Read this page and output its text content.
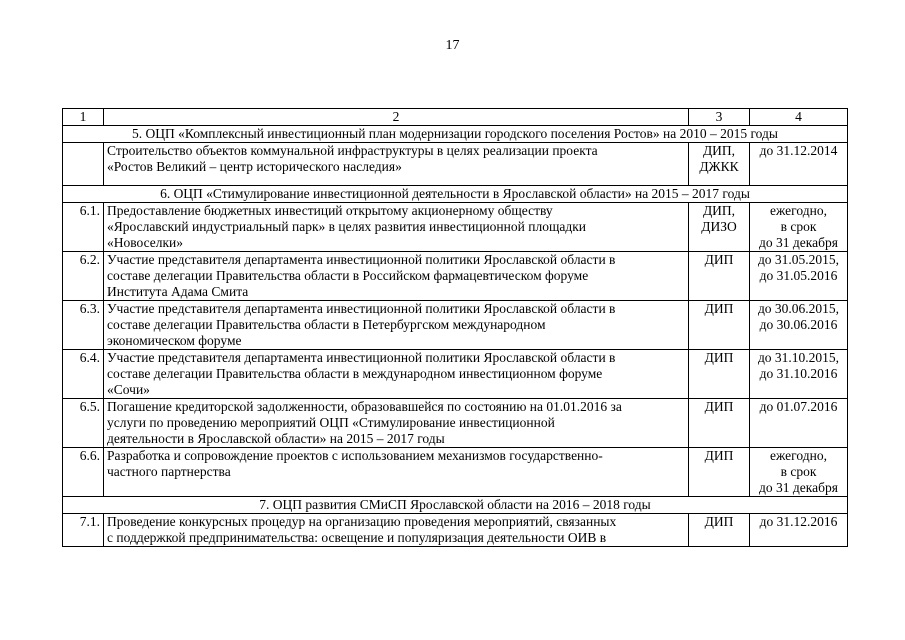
17
1	2	3	4
5. ОЦП «Комплексный инвестиционный план модернизации городского поселения Ростов» на 2010 – 2015 годы			

	Строительство объектов коммунальной инфраструктуры в целях реализации проекта
«Ростов Великий – центр исторического наследия»	ДИП,
ДЖКК	до 31.12.2014

6. ОЦП «Стимулирование инвестиционной деятельности в Ярославской области» на 2015 – 2017 годы			
6.1.	Предоставление бюджетных инвестиций открытому акционерному обществу
«Ярославский индустриальный парк» в целях развития инвестиционной площадки
«Новоселки»	ДИП,
ДИЗО	ежегодно,
в срок
до 31 декабря

6.2.	Участие представителя департамента инвестиционной политики Ярославской области в
составе делегации Правительства области в Российском фармацевтическом форуме
Института Адама Смита	ДИП	до 31.05.2015,
до 31.05.2016

6.3.	Участие представителя департамента инвестиционной политики Ярославской области в
составе делегации Правительства области в Петербургском международном
экономическом форуме	ДИП	до 30.06.2015,
до 30.06.2016

6.4.	Участие представителя департамента инвестиционной политики Ярославской области в
составе делегации Правительства области в международном инвестиционном форуме
«Сочи»	ДИП	до 31.10.2015,
до 31.10.2016

6.5.	Погашение кредиторской задолженности, образовавшейся по состоянию на 01.01.2016 за
услуги по проведению мероприятий ОЦП «Стимулирование инвестиционной
деятельности в Ярославской области» на 2015 – 2017 годы	ДИП	до 01.07.2016

6.6.	Разработка и сопровождение проектов с использованием механизмов государственно-
частного партнерства	ДИП	ежегодно,
в срок
до 31 декабря

7. ОЦП развития СМиСП Ярославской области на 2016 – 2018 годы			
7.1.	Проведение конкурсных процедур на организацию проведения мероприятий, связанных
с поддержкой предпринимательства: освещение и популяризация деятельности ОИВ в	ДИП	до 31.12.2016
